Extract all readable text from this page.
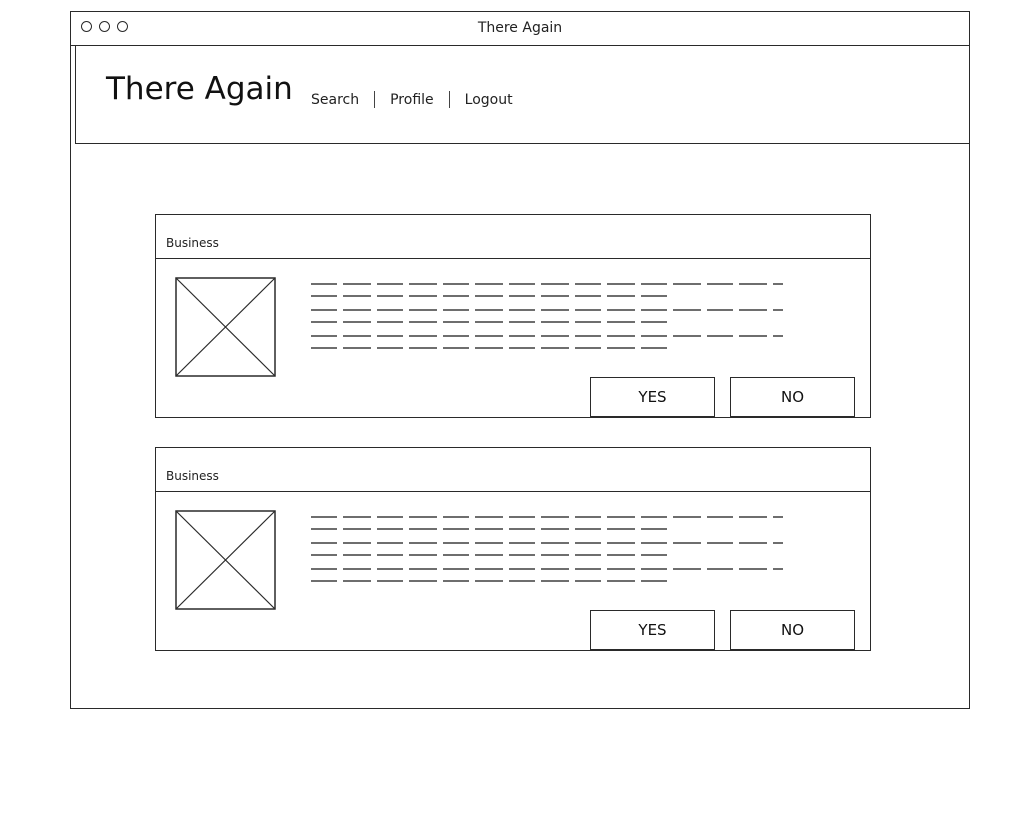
There Again
There Again Search Profile Logout
Business
YES	NO
Business
YES	NO
